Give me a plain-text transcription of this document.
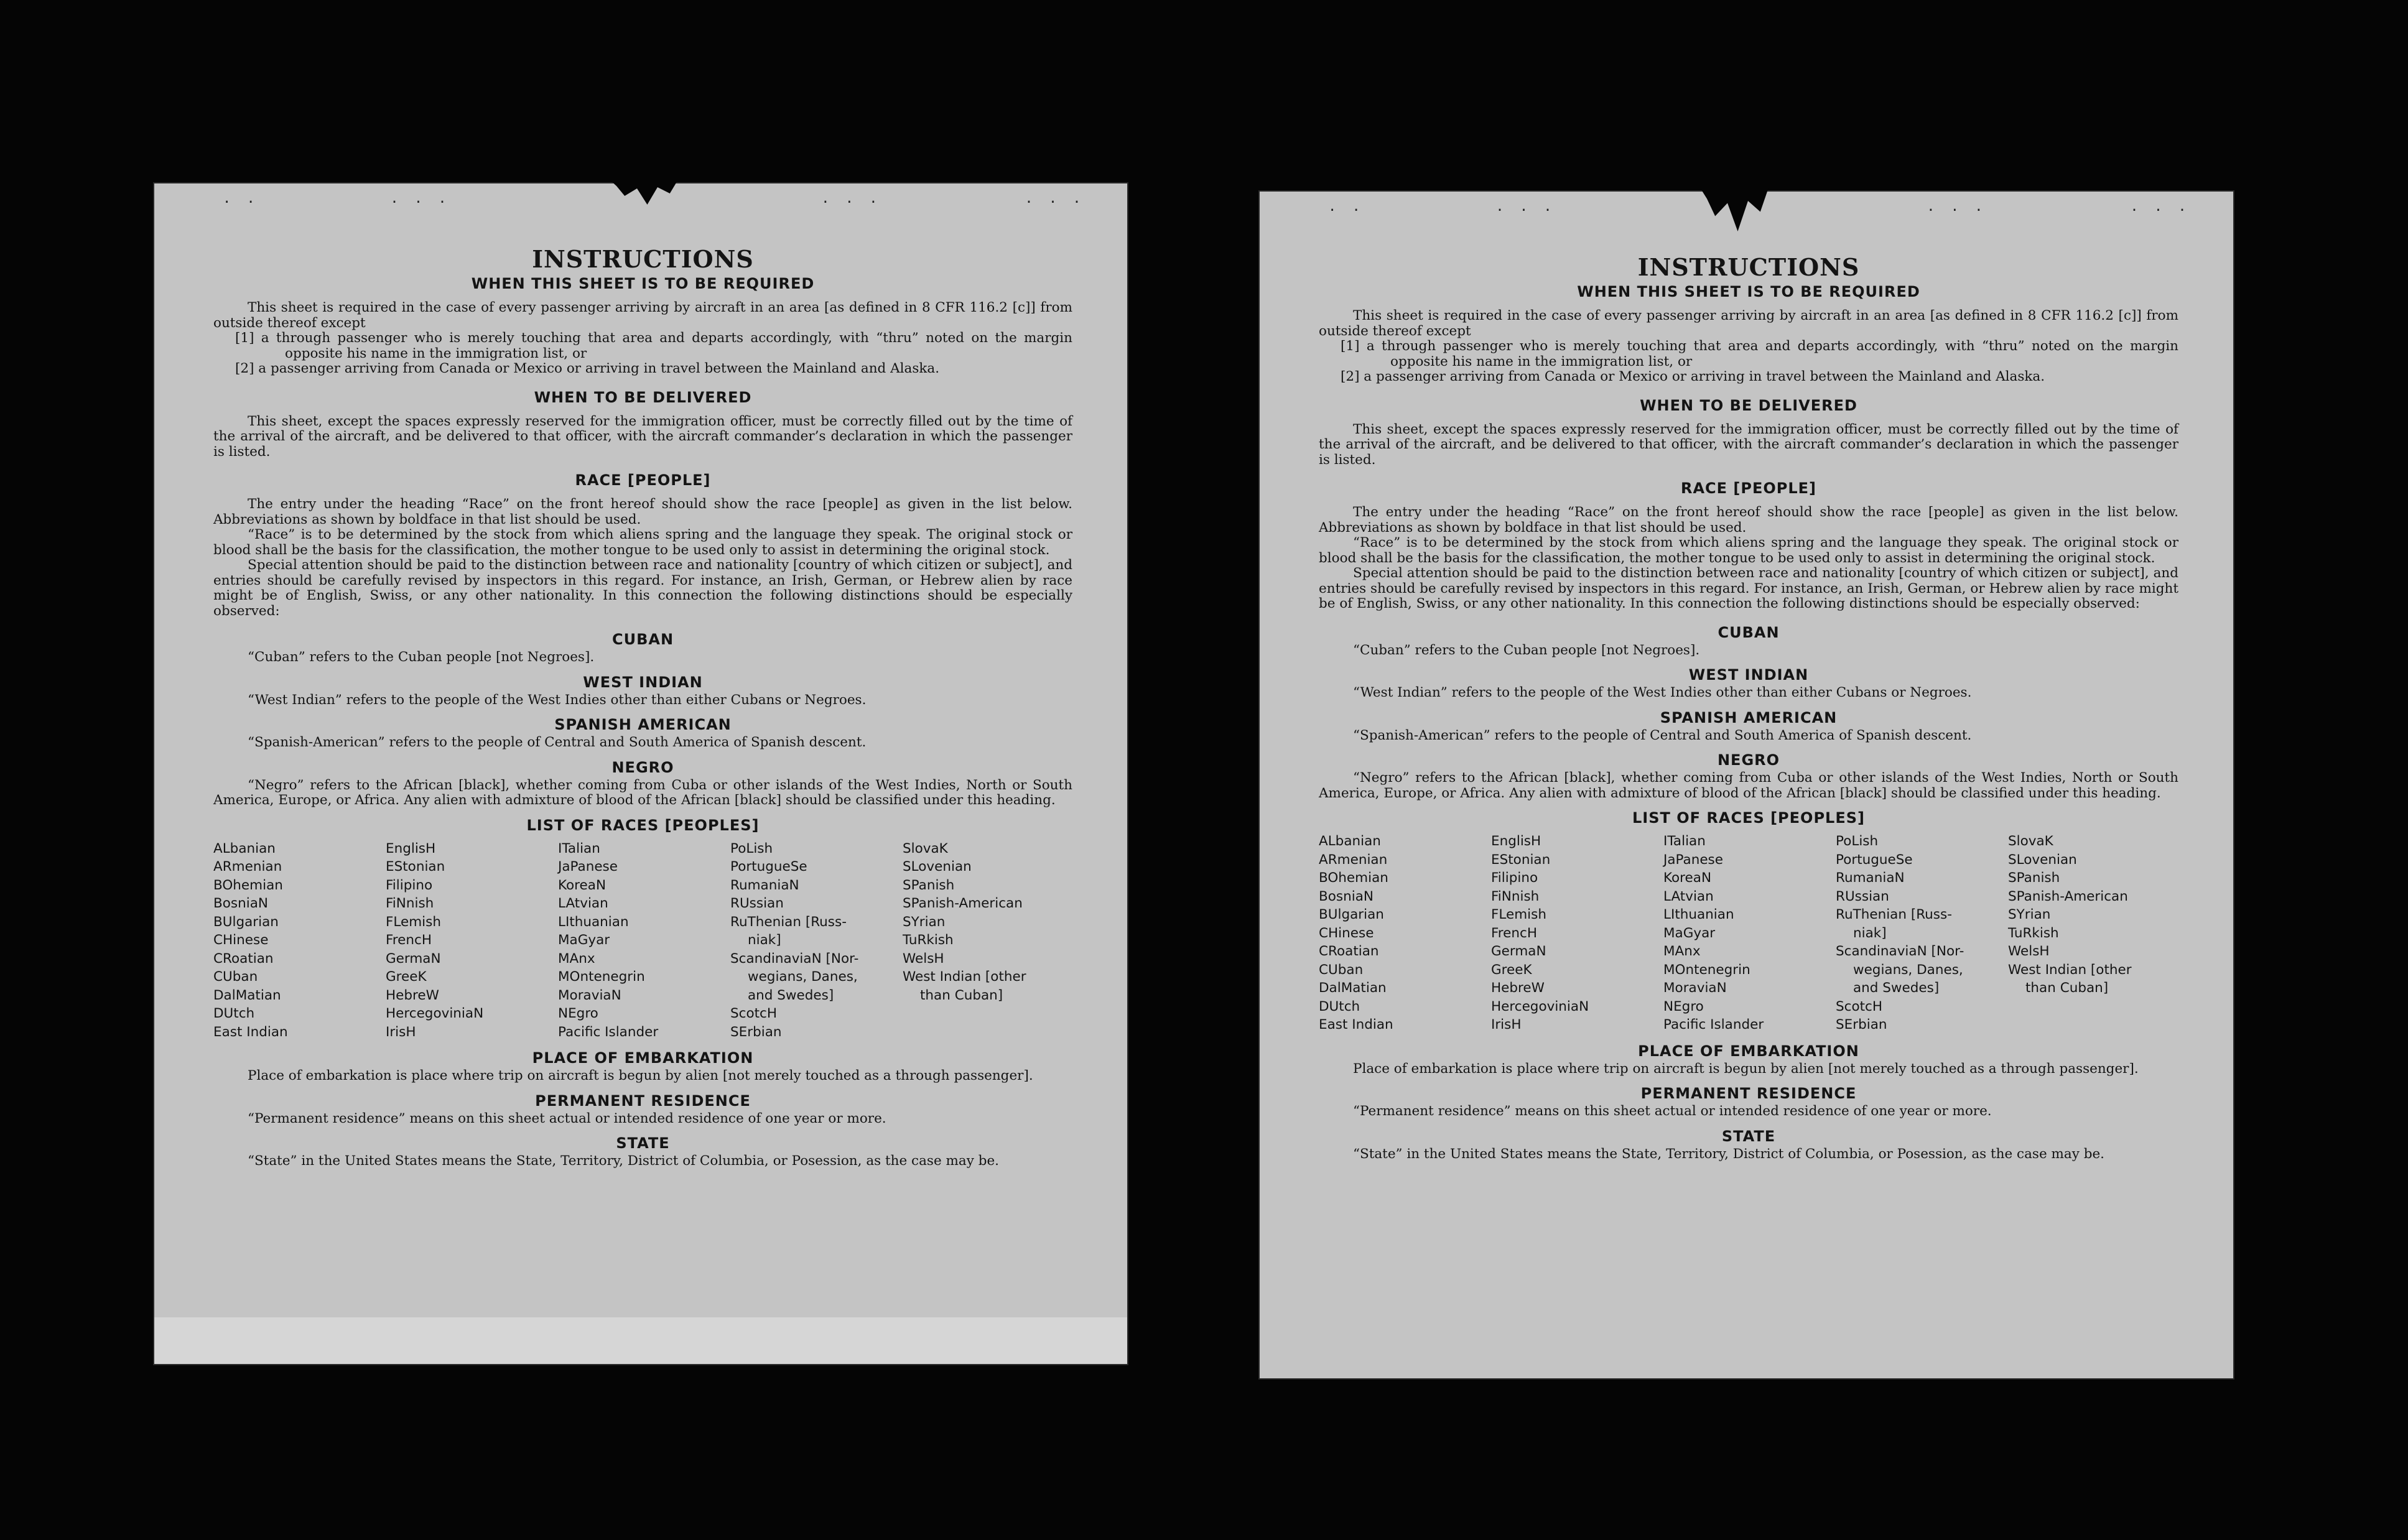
. .           . . .                               . . .            . . .
INSTRUCTIONS
WHEN THIS SHEET IS TO BE REQUIRED

This sheet is required in the case of every passenger arriving by aircraft in an area [as defined in 8 CFR 116.2 [c]] from outside thereof except

[1] a through passenger who is merely touching that area and departs accordingly, with “thru” noted on the margin opposite his name in the immigration list, or
[2] a passenger arriving from Canada or Mexico or arriving in travel between the Mainland and Alaska.
WHEN TO BE DELIVERED

This sheet, except the spaces expressly reserved for the immigration officer, must be correctly filled out by the time of the arrival of the aircraft, and be delivered to that officer, with the aircraft commander’s declaration in which the passenger is listed.

RACE [PEOPLE]

The entry under the heading “Race” on the front hereof should show the race [people] as given in the list below. Abbreviations as shown by boldface in that list should be used.

“Race” is to be determined by the stock from which aliens spring and the language they speak. The original stock or blood shall be the basis for the classification, the mother tongue to be used only to assist in determining the original stock.

Special attention should be paid to the distinction between race and nationality [country of which citizen or subject], and entries should be carefully revised by inspectors in this regard. For instance, an Irish, German, or Hebrew alien by race might be of English, Swiss, or any other nationality. In this connection the following distinctions should be especially observed:

CUBAN

“Cuban” refers to the Cuban people [not Negroes].

WEST INDIAN

“West Indian” refers to the people of the West Indies other than either Cubans or Negroes.

SPANISH AMERICAN

“Spanish-American” refers to the people of Central and South America of Spanish descent.

NEGRO

“Negro” refers to the African [black], whether coming from Cuba or other islands of the West Indies, North or South America, Europe, or Africa. Any alien with admixture of blood of the African [black] should be classified under this heading.

LIST OF RACES [PEOPLES]
ALbanian
ARmenian
BOhemian
BosniaN
BUlgarian
CHinese
CRoatian
CUban
DalMatian
DUtch
East Indian
EnglisH
EStonian
Filipino
FiNnish
FLemish
FrencH
GermaN
GreeK
HebreW
HercegoviniaN
IrisH
ITalian
JaPanese
KoreaN
LAtvian
LIthuanian
MaGyar
MAnx
MOntenegrin
MoraviaN
NEgro
Pacific Islander
PoLish
PortugueSe
RumaniaN
RUssian
RuThenian [Russ-
niak]
ScandinaviaN [Nor-
wegians, Danes,
and Swedes]
ScotcH
SErbian
SlovaK
SLovenian
SPanish
SPanish-American
SYrian
TuRkish
WelsH
West Indian [other
than Cuban]
PLACE OF EMBARKATION

Place of embarkation is place where trip on aircraft is begun by alien [not merely touched as a through passenger].

PERMANENT RESIDENCE

“Permanent residence” means on this sheet actual or intended residence of one year or more.

STATE

“State” in the United States means the State, Territory, District of Columbia, or Posession, as the case may be.

. .           . . .                               . . .            . . .
INSTRUCTIONS
WHEN THIS SHEET IS TO BE REQUIRED

This sheet is required in the case of every passenger arriving by aircraft in an area [as defined in 8 CFR 116.2 [c]] from outside thereof except

[1] a through passenger who is merely touching that area and departs accordingly, with “thru” noted on the margin opposite his name in the immigration list, or
[2] a passenger arriving from Canada or Mexico or arriving in travel between the Mainland and Alaska.
WHEN TO BE DELIVERED

This sheet, except the spaces expressly reserved for the immigration officer, must be correctly filled out by the time of the arrival of the aircraft, and be delivered to that officer, with the aircraft commander’s declaration in which the passenger is listed.

RACE [PEOPLE]

The entry under the heading “Race” on the front hereof should show the race [people] as given in the list below. Abbreviations as shown by boldface in that list should be used.

“Race” is to be determined by the stock from which aliens spring and the language they speak. The original stock or blood shall be the basis for the classification, the mother tongue to be used only to assist in determining the original stock.

Special attention should be paid to the distinction between race and nationality [country of which citizen or subject], and entries should be carefully revised by inspectors in this regard. For instance, an Irish, German, or Hebrew alien by race might be of English, Swiss, or any other nationality. In this connection the following distinctions should be especially observed:

CUBAN

“Cuban” refers to the Cuban people [not Negroes].

WEST INDIAN

“West Indian” refers to the people of the West Indies other than either Cubans or Negroes.

SPANISH AMERICAN

“Spanish-American” refers to the people of Central and South America of Spanish descent.

NEGRO

“Negro” refers to the African [black], whether coming from Cuba or other islands of the West Indies, North or South America, Europe, or Africa. Any alien with admixture of blood of the African [black] should be classified under this heading.

LIST OF RACES [PEOPLES]
ALbanian
ARmenian
BOhemian
BosniaN
BUlgarian
CHinese
CRoatian
CUban
DalMatian
DUtch
East Indian
EnglisH
EStonian
Filipino
FiNnish
FLemish
FrencH
GermaN
GreeK
HebreW
HercegoviniaN
IrisH
ITalian
JaPanese
KoreaN
LAtvian
LIthuanian
MaGyar
MAnx
MOntenegrin
MoraviaN
NEgro
Pacific Islander
PoLish
PortugueSe
RumaniaN
RUssian
RuThenian [Russ-
niak]
ScandinaviaN [Nor-
wegians, Danes,
and Swedes]
ScotcH
SErbian
SlovaK
SLovenian
SPanish
SPanish-American
SYrian
TuRkish
WelsH
West Indian [other
than Cuban]
PLACE OF EMBARKATION

Place of embarkation is place where trip on aircraft is begun by alien [not merely touched as a through passenger].

PERMANENT RESIDENCE

“Permanent residence” means on this sheet actual or intended residence of one year or more.

STATE

“State” in the United States means the State, Territory, District of Columbia, or Posession, as the case may be.
